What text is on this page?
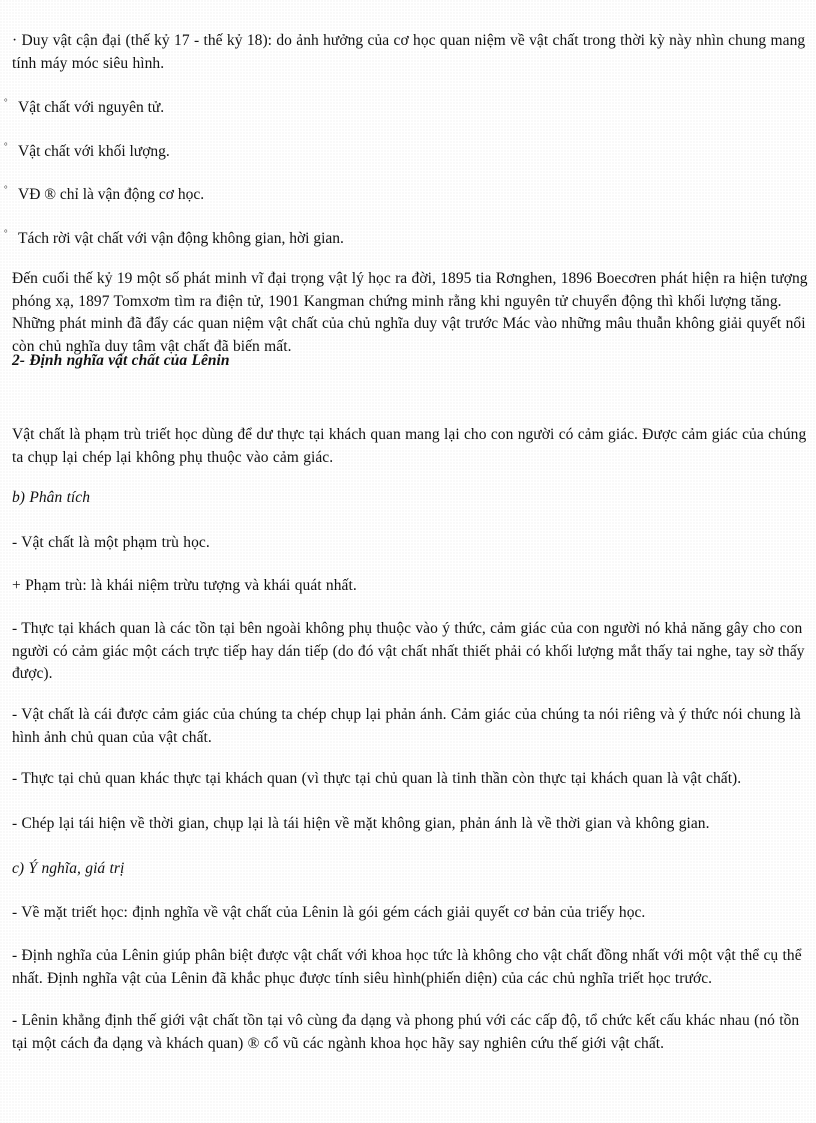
· Duy vật cận đại (thế kỷ 17 - thế kỷ 18): do ảnh hưởng của cơ học quan niệm về vật chất trong thời kỳ này nhìn chung mang tính máy móc siêu hình.

° Vật chất với nguyên tử.

° Vật chất với khối lượng.

° VĐ ® chỉ là vận động cơ học.

° Tách rời vật chất với vận động không gian, hời gian.

Đến cuối thế kỷ 19 một số phát minh vĩ đại trọng vật lý học ra đời, 1895 tia Rơnghen, 1896 Boecơren phát hiện ra hiện tượng phóng xạ, 1897 Tomxơm tìm ra điện tử, 1901 Kangman chứng minh rằng khi nguyên tử chuyển động thì khối lượng tăng. Những phát minh đã đẩy các quan niệm vật chất của chủ nghĩa duy vật trước Mác vào những mâu thuẫn không giải quyết nổi còn chủ nghĩa duy tâm vật chất đã biến mất.

2- Định nghĩa vật chất của Lênin

Vật chất là phạm trù triết học dùng để dư thực tại khách quan mang lại cho con người có cảm giác. Được cảm giác của chúng ta chụp lại chép lại không phụ thuộc vào cảm giác.

b) Phân tích

- Vật chất là một phạm trù học.

+ Phạm trù: là khái niệm trừu tượng và khái quát nhất.

- Thực tại khách quan là các tồn tại bên ngoài không phụ thuộc vào ý thức, cảm giác của con người nó khả năng gây cho con người có cảm giác một cách trực tiếp hay dán tiếp (do đó vật chất nhất thiết phải có khối lượng mắt thấy tai nghe, tay sờ thấy được).

- Vật chất là cái được cảm giác của chúng ta chép chụp lại phản ánh. Cảm giác của chúng ta nói riêng và ý thức nói chung là hình ảnh chủ quan của vật chất.

- Thực tại chủ quan khác thực tại khách quan (vì thực tại chủ quan là tinh thần còn thực tại khách quan là vật chất).

- Chép lại tái hiện về thời gian, chụp lại là tái hiện về mặt không gian, phản ánh là về thời gian và không gian.

c) Ý nghĩa, giá trị

- Về mặt triết học: định nghĩa về vật chất của Lênin là gói gém cách giải quyết cơ bản của triếy học.

- Định nghĩa của Lênin giúp phân biệt được vật chất với khoa học tức là không cho vật chất đồng nhất với một vật thể cụ thể nhất. Định nghĩa vật của Lênin đã khắc phục được tính siêu hình(phiến diện) của các chủ nghĩa triết học trước.

- Lênin khẳng định thế giới vật chất tồn tại vô cùng đa dạng và phong phú với các cấp độ, tổ chức kết cấu khác nhau (nó tồn tại một cách đa dạng và khách quan) ® cổ vũ các ngành khoa học hãy say nghiên cứu thế giới vật chất.
